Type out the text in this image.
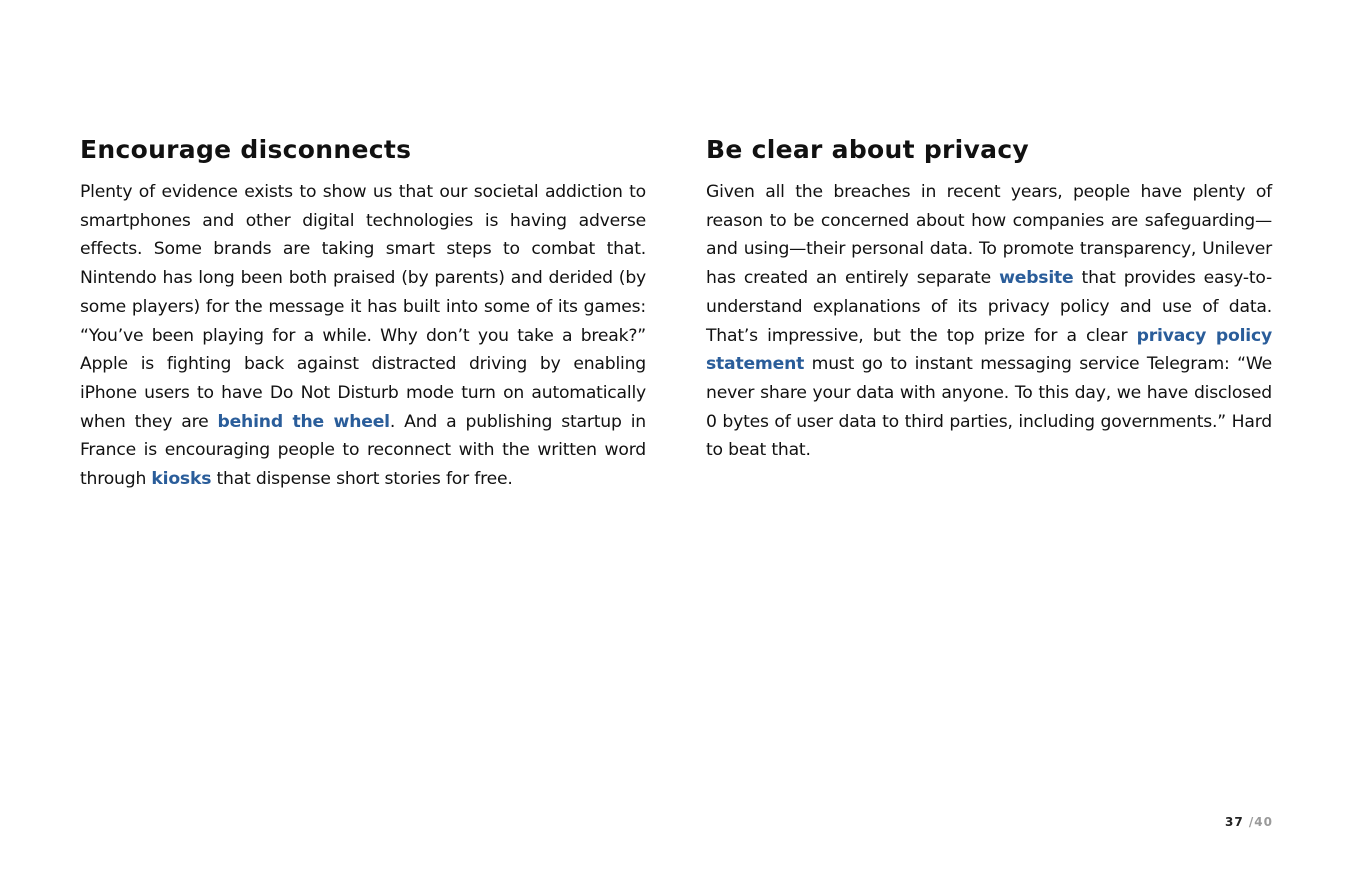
Encourage disconnects

Plenty of evidence exists to show us that our societal addiction to smartphones and other digital technologies is having adverse effects. Some brands are taking smart steps to combat that. Nintendo has long been both praised (by parents) and derided (by some players) for the message it has built into some of its games: “You’ve been playing for a while. Why don’t you take a break?” Apple is fighting back against distracted driving by enabling iPhone users to have Do Not Disturb mode turn on automatically when they are behind the wheel. And a publishing startup in France is encouraging people to reconnect with the written word through kiosks that dispense short stories for free.

Be clear about privacy

Given all the breaches in recent years, people have plenty of reason to be concerned about how companies are safeguarding—and using—their personal data. To promote transparency, Unilever has created an entirely separate website that provides easy-to-understand explanations of its privacy policy and use of data. That’s impressive, but the top prize for a clear privacy policy statement must go to instant messaging service Telegram: “We never share your data with anyone. To this day, we have disclosed 0 bytes of user data to third parties, including governments.” Hard to beat that.

37 /40
